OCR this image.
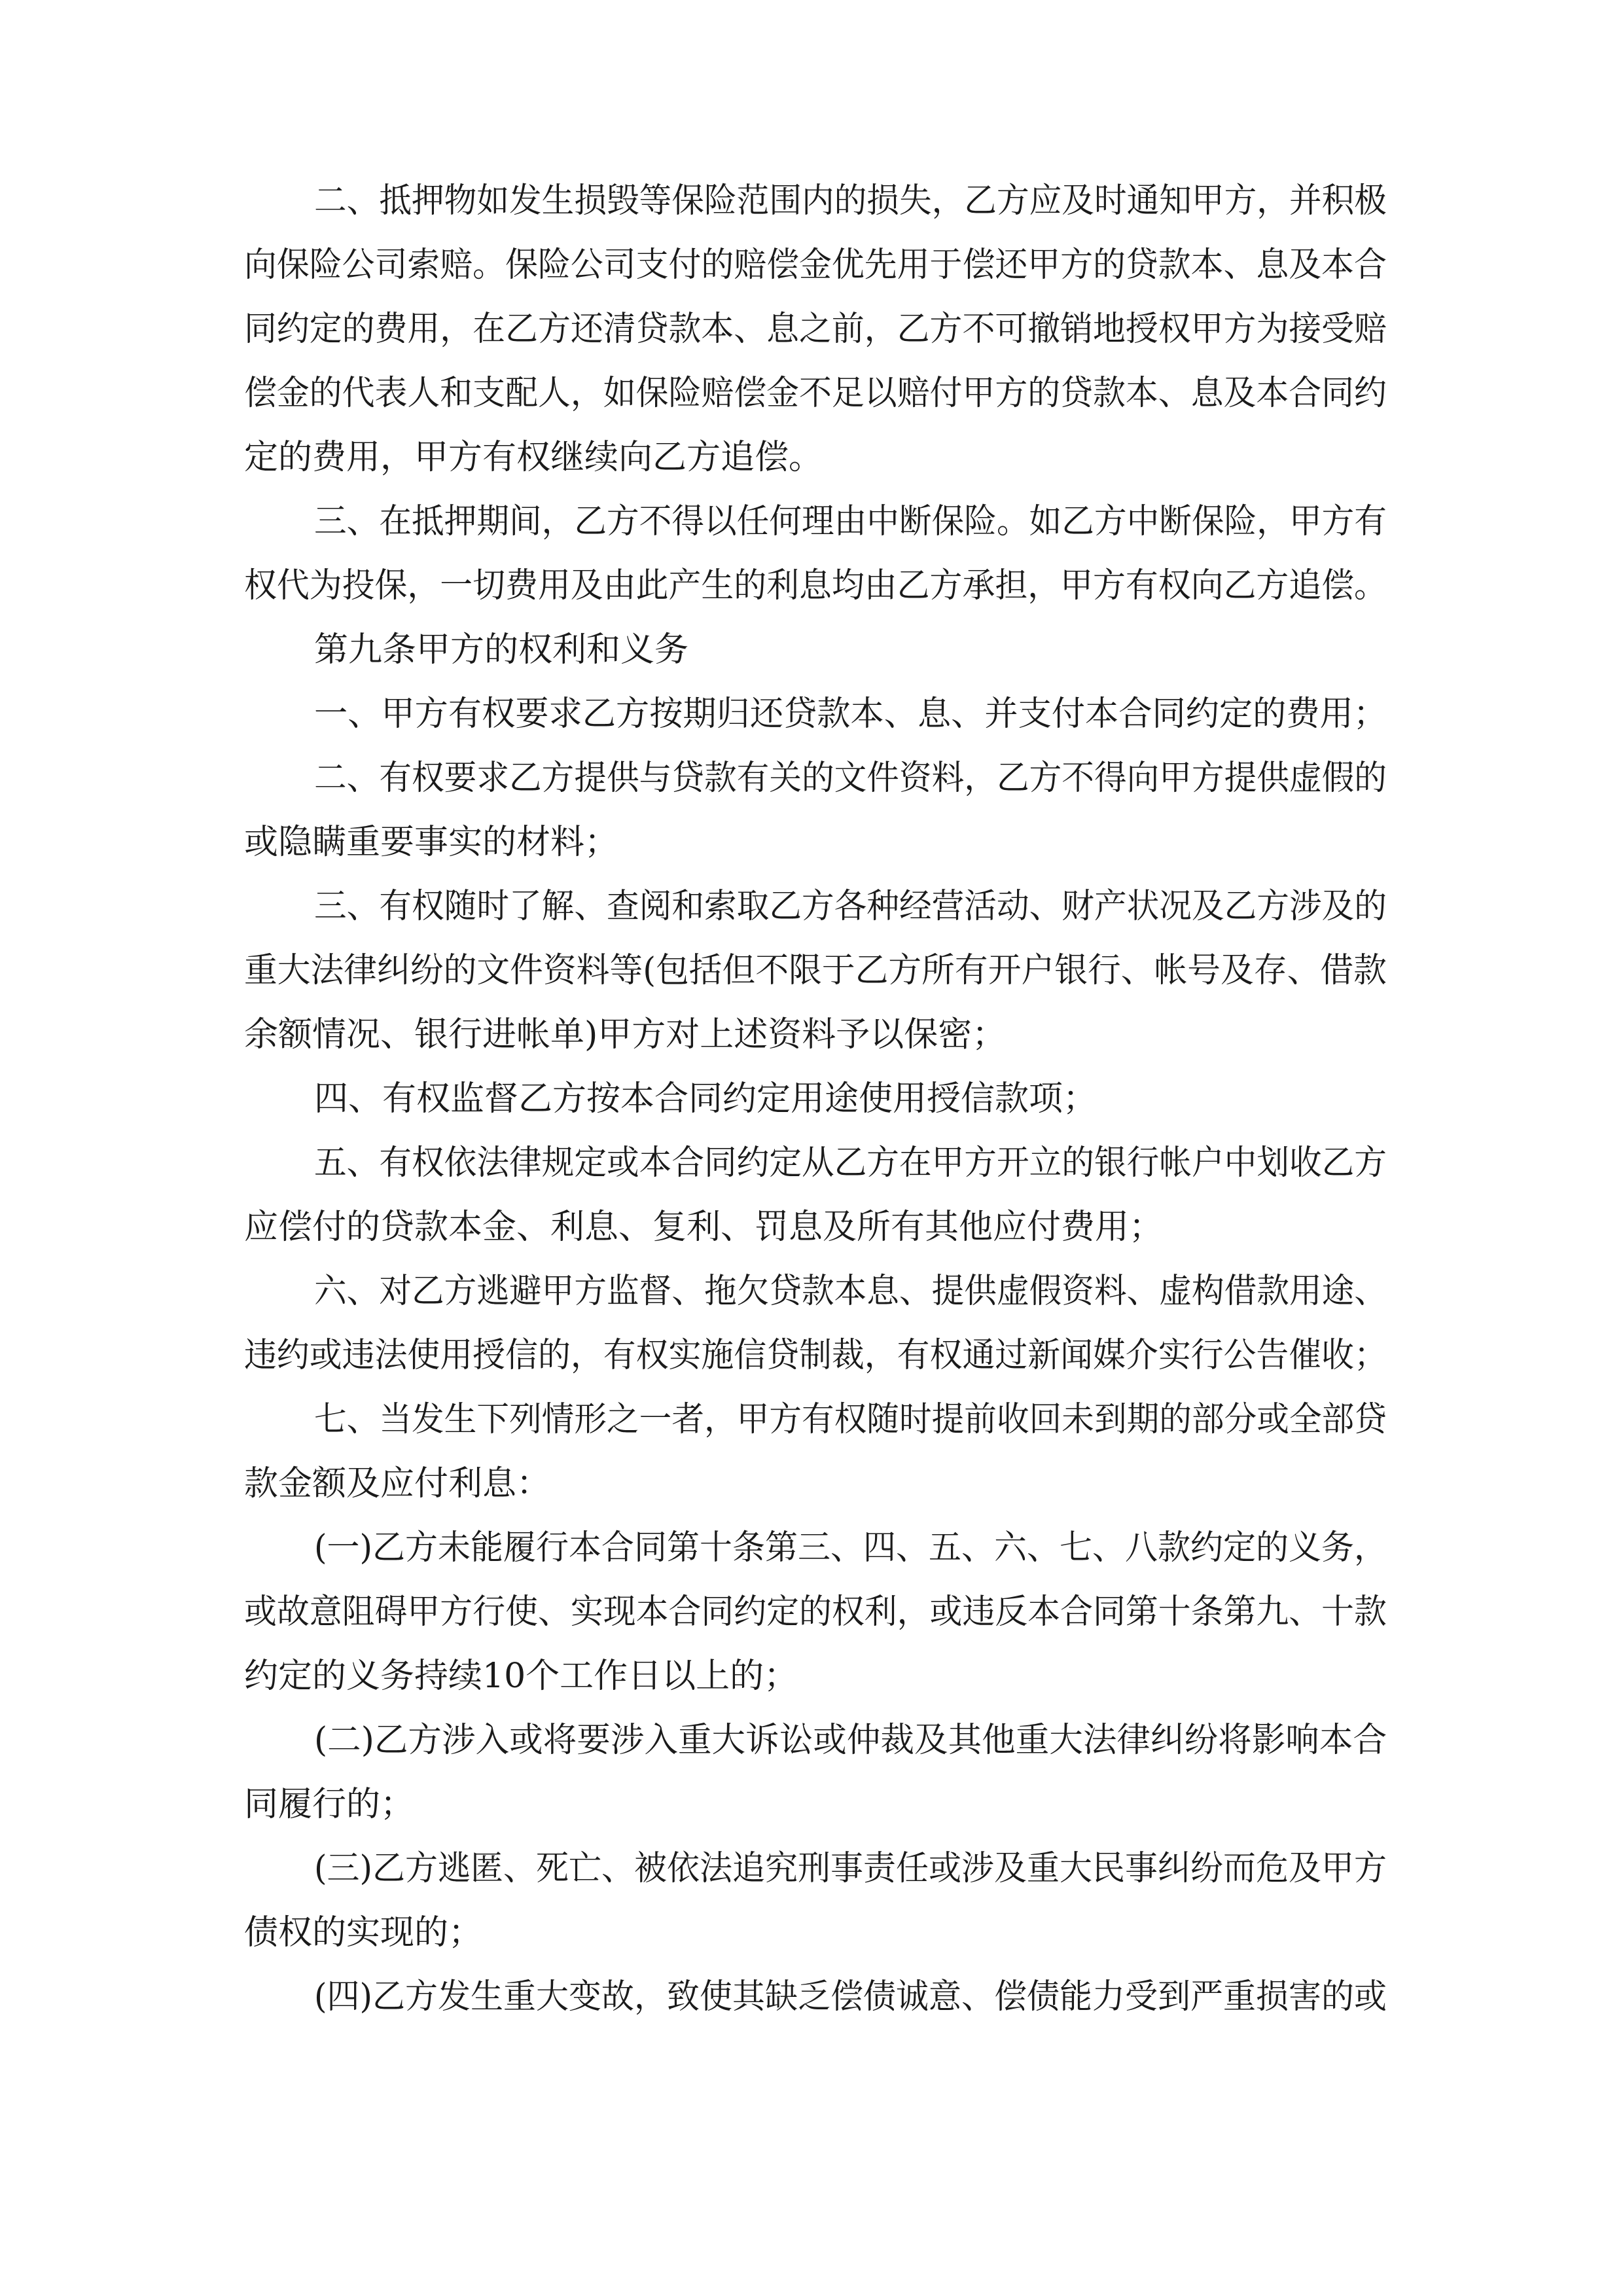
二、抵押物如发生损毁等保险范围内的损失，乙方应及时通知甲方，并积极
向保险公司索赔。保险公司支付的赔偿金优先用于偿还甲方的贷款本、息及本合
同约定的费用，在乙方还清贷款本、息之前，乙方不可撤销地授权甲方为接受赔
偿金的代表人和支配人，如保险赔偿金不足以赔付甲方的贷款本、息及本合同约
定的费用，甲方有权继续向乙方追偿。
三、在抵押期间，乙方不得以任何理由中断保险。如乙方中断保险，甲方有
权代为投保，一切费用及由此产生的利息均由乙方承担，甲方有权向乙方追偿。
第九条甲方的权利和义务
一、甲方有权要求乙方按期归还贷款本、息、并支付本合同约定的费用；
二、有权要求乙方提供与贷款有关的文件资料，乙方不得向甲方提供虚假的
或隐瞒重要事实的材料；
三、有权随时了解、查阅和索取乙方各种经营活动、财产状况及乙方涉及的
重大法律纠纷的文件资料等(包括但不限于乙方所有开户银行、帐号及存、借款
余额情况、银行进帐单)甲方对上述资料予以保密；
四、有权监督乙方按本合同约定用途使用授信款项；
五、有权依法律规定或本合同约定从乙方在甲方开立的银行帐户中划收乙方
应偿付的贷款本金、利息、复利、罚息及所有其他应付费用；
六、对乙方逃避甲方监督、拖欠贷款本息、提供虚假资料、虚构借款用途、
违约或违法使用授信的，有权实施信贷制裁，有权通过新闻媒介实行公告催收；
七、当发生下列情形之一者，甲方有权随时提前收回未到期的部分或全部贷
款金额及应付利息：
(一)乙方未能履行本合同第十条第三、四、五、六、七、八款约定的义务，
或故意阻碍甲方行使、实现本合同约定的权利，或违反本合同第十条第九、十款
约定的义务持续10个工作日以上的；
(二)乙方涉入或将要涉入重大诉讼或仲裁及其他重大法律纠纷将影响本合
同履行的；
(三)乙方逃匿、死亡、被依法追究刑事责任或涉及重大民事纠纷而危及甲方
债权的实现的；
(四)乙方发生重大变故，致使其缺乏偿债诚意、偿债能力受到严重损害的或
